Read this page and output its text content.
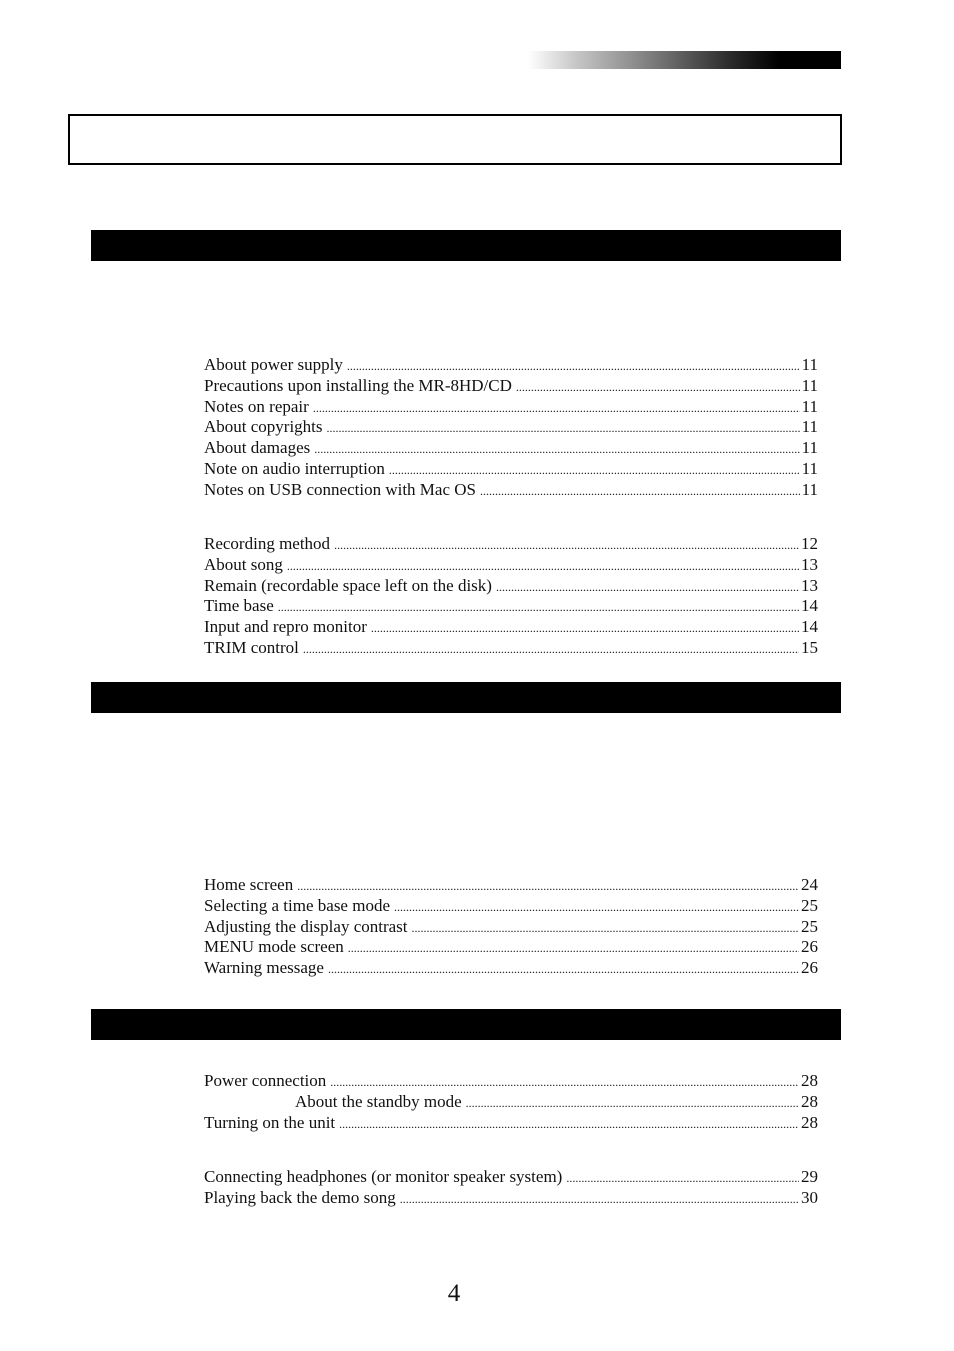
About power supply .....	11
Precautions upon installing the MR-8HD/CD .....	11
Notes on repair .....	11
About copyrights .....	11
About damages .....	11
Note on audio interruption .....	11
Notes on USB connection with Mac OS .....	11
Recording method .....	12
About song .....	13
Remain (recordable space left on the disk) .....	13
Time base .....	14
Input and repro monitor .....	14
TRIM control .....	15
Home screen .....	24
Selecting a time base mode .....	25
Adjusting the display contrast .....	25
MENU mode screen .....	26
Warning message .....	26
Power connection .....	28
About the standby mode .....	28
Turning on the unit .....	28
Connecting headphones (or monitor speaker system) .....	29
Playing back the demo song .....	30
4
